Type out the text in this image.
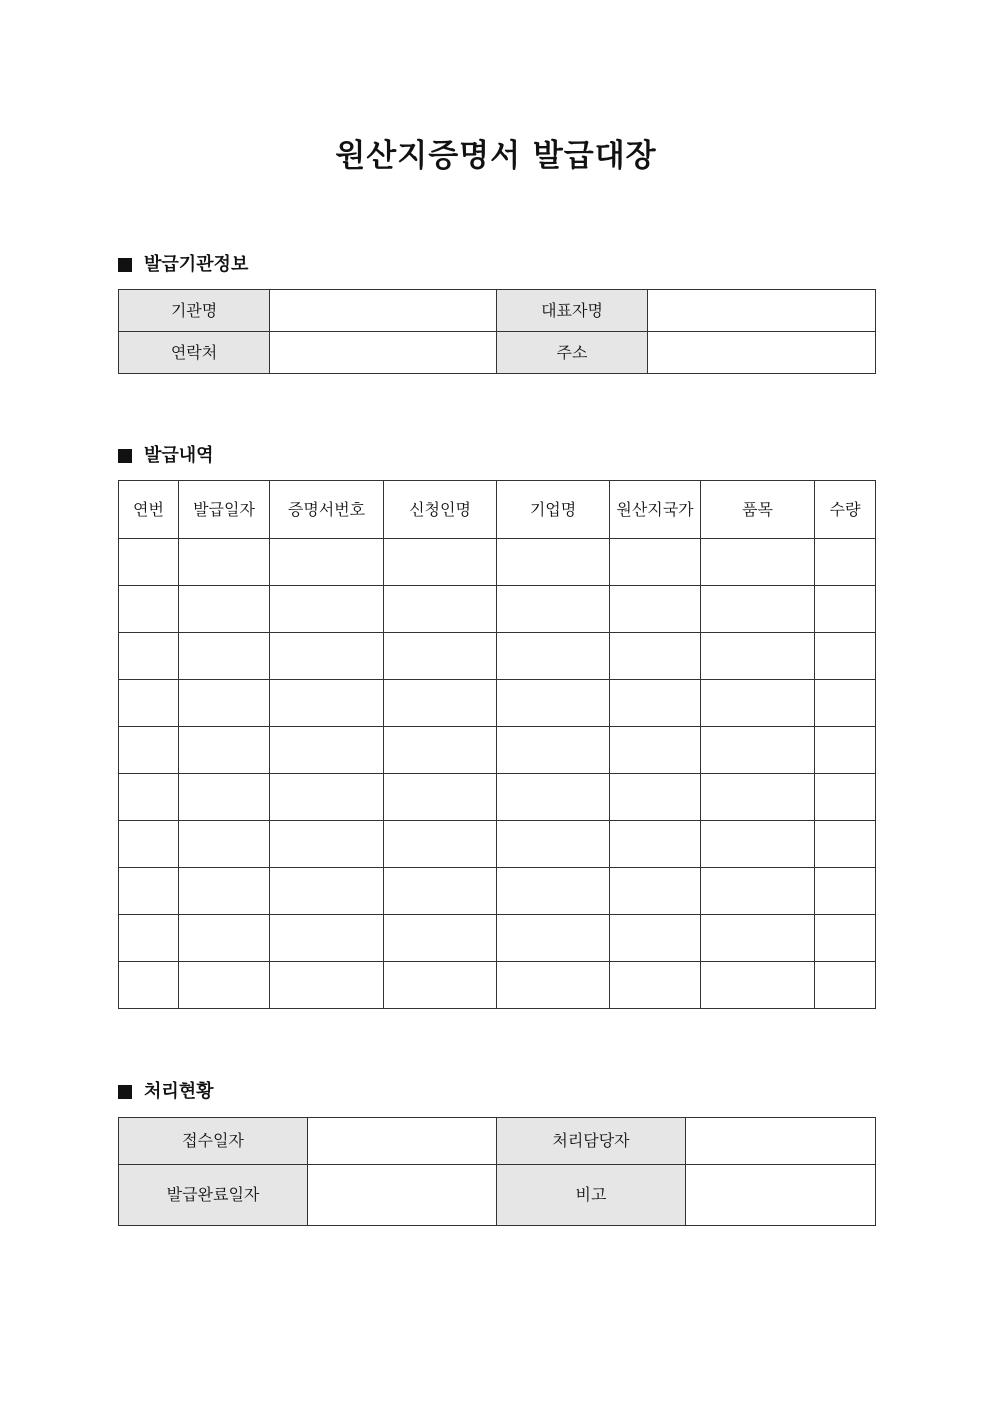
원산지증명서 발급대장
발급기관정보
기관명		대표자명	
연락처		주소	
발급내역
연번	발급일자	증명서번호	신청인명	기업명	원산지국가	품목	수량

처리현황
접수일자		처리담당자	
발급완료일자		비고	
